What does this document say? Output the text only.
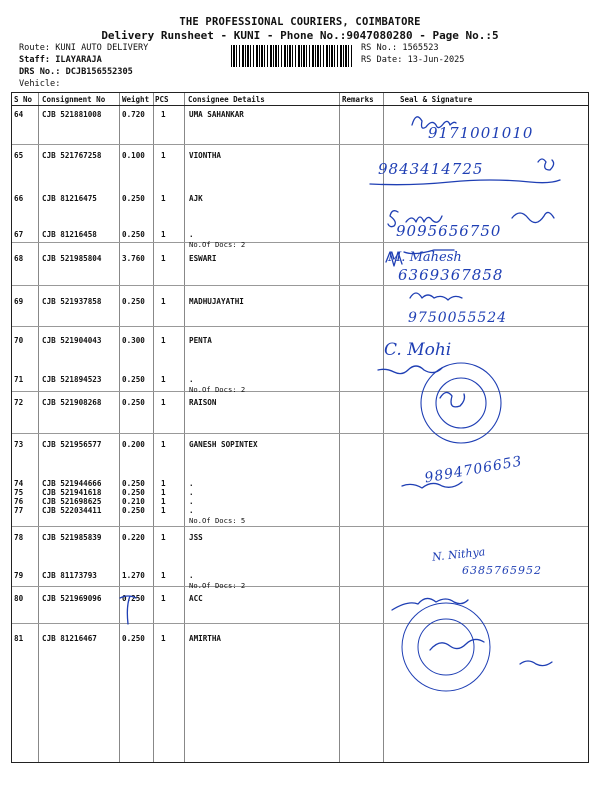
THE PROFESSIONAL COURIERS, COIMBATORE
Delivery Runsheet - KUNI - Phone No.:9047080280 - Page No.:5
Route: KUNI AUTO DELIVERY
Staff: ILAYARAJA
DRS No.: DCJB156552305
Vehicle:
RS No.: 1565523
RS Date: 13-Jun-2025
S No Consignment No Weight PCS	Consignee Details	Remarks	Seal & Signature
64 CJB 521881008	0.720 1	UMA SAHANKAR
65 CJB 521767258	0.100 1	VIONTHA
66 CJB 81216475	0.250 1	AJK
67 CJB 81216458	0.250 1	.
No.Of Docs: 2
68 CJB 521985804	3.760 1	ESWARI
69 CJB 521937858	0.250 1	MADHUJAYATHI
70 CJB 521904043	0.300 1	PENTA
71 CJB 521894523	0.250 1	.
No.Of Docs: 2
72 CJB 521908268	0.250 1	RAISON
73 CJB 521956577	0.200 1	GANESH SOPINTEX
74 CJB 521944666	0.250 1	.
75 CJB 521941618	0.250 1	.
76 CJB 521698625	0.210 1	.
77 CJB 522034411	0.250 1	.
No.Of Docs: 5
78 CJB 521985839	0.220 1	JSS
79 CJB 81173793	1.270 1	.
No.Of Docs: 2
80 CJB 521969096	0.250 1	ACC
81 CJB 81216467	0.250 1	AMIRTHA
9171001010
9843414725
9095656750
M. Mahesh
6369367858
9750055524
C. Mohi
9894706653
N. Nithya
6385765952
